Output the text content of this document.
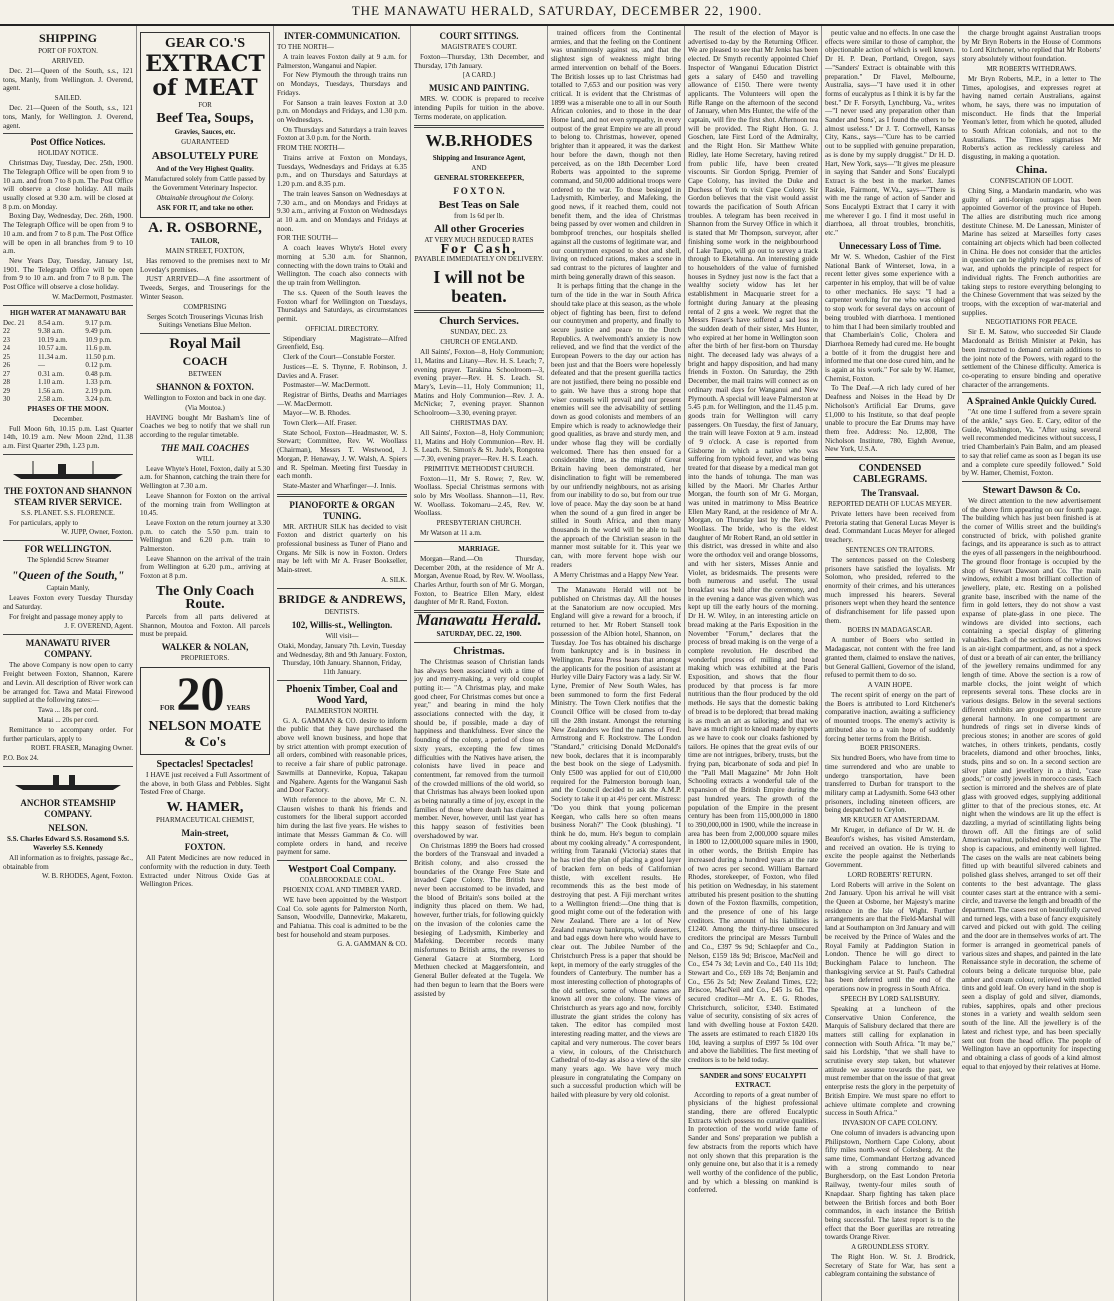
THE MANAWATU HERALD, SATURDAY, DECEMBER 22, 1900.
SHIPPING
PORT OF FOXTON.
ARRIVED.

Dec. 21—Queen of the South, s.s., 121 tons, Manly, from Wellington. J. Overend, agent.

SAILED.

Dec. 21—Queen of the South, s.s., 121 tons, Manly, for Wellington. J. Overend, agent.

Post Office Notices.
HOLIDAY NOTICE.

Christmas Day, Tuesday, Dec. 25th, 1900. The Telegraph Office will be open from 9 to 10 a.m. and from 7 to 8 p.m. The Post Office will observe a close holiday. All mails usually closed at 9.30 a.m. will be closed at 8 p.m. on Monday.

Boxing Day, Wednesday, Dec. 26th, 1900. The Telegraph Office will be open from 9 to 10 a.m. and from 7 to 8 p.m. The Post Office will be open in all branches from 9 to 10 a.m.

New Years Day, Tuesday, January 1st, 1901. The Telegraph Office will be open from 9 to 10 a.m. and from 7 to 8 p.m. The Post Office will observe a close holiday.

W. MacDermott, Postmaster.
HIGH WATER AT MANAWATU BAR
Dec. 21	8.54 a.m.	9.17 p.m.
22	9.38 a.m.	9.49 p.m.
23	10.19 a.m.	10.9 p.m.
24	10.57 a.m.	11.6 p.m.
25	11.34 a.m.	11.50 p.m.
26	—	0.12 p.m.
27	0.31 a.m.	0.48 p.m.
28	1.10 a.m.	1.33 p.m.
29	1.56 a.m.	2.19 p.m.
30	2.58 a.m.	3.24 p.m.
PHASES OF THE MOON.
December.

Full Moon 6th, 10.15 p.m. Last Quarter 14th, 10.19 a.m. New Moon 22nd, 11.38 a.m. First Quarter 29th, 1.23 p.m.

THE FOXTON AND SHANNON STEAM RIVER SERVICE.
S.S. PLANET. S.S. FLORENCE.

For particulars, apply to

W. JUPP, Owner, Foxton.
FOR WELLINGTON.
The Splendid Screw Steamer
"Queen of the South,"
Captain Manly,

Leaves Foxton every Tuesday Thursday and Saturday.

For freight and passage money apply to

J. F. OVEREND, Agent.
MANAWATU RIVER COMPANY.

The above Company is now open to carry Freight between Foxton, Shannon, Karere and Levin. All description of River work can be arranged for. Tawa and Matai Firewood supplied at the following rates:—

Tawa ... 18s per cord.
Matai ... 20s per cord.

Remittance to accompany order. For further particulars, apply to

ROBT. FRASER, Managing Owner.
P.O. Box 24.
ANCHOR STEAMSHIP COMPANY.
NELSON.
S.S. Charles Edward S.S. Rosamond S.S. Waverley S.S. Kennedy

All information as to freights, passage &c., obtainable from

W. B. RHODES, Agent, Foxton.
GEAR CO.'S
EXTRACT of MEAT
FOR
Beef Tea, Soups,
Gravies, Sauces, etc.
GUARANTEED
ABSOLUTELY PURE
And of the Very Highest Quality.
Manufactured solely from Cattle passed by the Government Veterinary Inspector.
Obtainable throughout the Colony.
ASK FOR IT, and take no other.
A. R. OSBORNE,
TAILOR,
MAIN STREET, FOXTON,

Has removed to the premises next to Mr Loveday's premises.

JUST ARRIVED—A fine assortment of Tweeds, Serges, and Trouserings for the Winter Season.

COMPRISING

Serges Scotch Trouserings Vicunas Irish Suitings Venetians Blue Melton.

Royal Mail
COACH
BETWEEN
SHANNON & FOXTON.

Wellington to Foxton and back in one day.

(Via Moutoa.)

HAVING bought Mr Basham's line of Coaches we beg to notify that we shall run according to the regular timetable.

THE MAIL COACHES
WILL

Leave Whyte's Hotel, Foxton, daily at 5.30 a.m. for Shannon, catching the train there for Wellington at 7.30 a.m.

Leave Shannon for Foxton on the arrival of the morning train from Wellington at 10.45.

Leave Foxton on the return journey at 3.30 p.m. to catch the 5.50 p.m. train to Wellington and 6.20 p.m. train to Palmerston.

Leave Shannon on the arrival of the train from Wellington at 6.20 p.m., arriving at Foxton at 8 p.m.

The Only Coach Route.

Parcels from all parts delivered at Shannon, Moutoa and Foxton. All parcels must be prepaid.

WALKER & NOLAN,
PROPRIETORS.
FOR 20 YEARS
NELSON MOATE & Co's
Spectacles! Spectacles!

I HAVE just received a Full Assortment of the above, in both Glass and Pebbles. Sight Tested Free of Charge.

W. HAMER,
PHARMACEUTICAL CHEMIST,
Main-street,
FOXTON.

All Patent Medicines are now reduced in conformity with the reduction in duty. Teeth Extracted under Nitrous Oxide Gas at Wellington Prices.

INTER-COMMUNICATION.
TO THE NORTH—

A train leaves Foxton daily at 9 a.m. for Palmerston, Wanganui and Napier.

For New Plymouth the through trains run on Mondays, Tuesdays, Thursdays and Fridays.

For Sanson a train leaves Foxton at 3.0 p.m. on Mondays and Fridays, and 1.30 p.m. on Wednesdays.

On Thursdays and Saturdays a train leaves Foxton at 3.0 p.m. for the North.

FROM THE NORTH—

Trains arrive at Foxton on Mondays, Tuesdays, Wednesdays and Fridays at 6.35 p.m., and on Thursdays and Saturdays at 1.20 p.m. and 8.35 p.m.

The train leaves Sanson on Wednesdays at 7.30 a.m., and on Mondays and Fridays at 9.30 a.m., arriving at Foxton on Wednesdays at 10 a.m. and on Mondays and Fridays at noon.

FOR THE SOUTH—

A coach leaves Whyte's Hotel every morning at 5.30 a.m. for Shannon, connecting with the down trains to Otaki and Wellington. The coach also connects with the up train from Wellington.

The s.s. Queen of the South leaves the Foxton wharf for Wellington on Tuesdays, Thursdays and Saturdays, as circumstances permit.

OFFICIAL DIRECTORY.

Stipendiary Magistrate—Alfred Greenfield, Esq.

Clerk of the Court—Constable Forster.

Justices—E. S. Thynne, F. Robinson, J. Davies and A. Fraser.

Postmaster—W. MacDermott.

Registrar of Births, Deaths and Marriages—W. MacDermott.

Mayor—W. B. Rhodes.

Town Clerk—Alf. Fraser.

State School, Foxton—Headmaster, W. S. Stewart; Committee, Rev. W. Woollass (Chairman), Messrs T. Westwood, J. Morgan, P. Henaway, J. W. Walsh, A. Spiers and R. Spelman. Meeting first Tuesday in each month.

State-Master and Wharfinger—J. Innis.

PIANOFORTE & ORGAN TUNING.

MR. ARTHUR SILK has decided to visit Foxton and district quarterly on his professional business as Tuner of Piano and Organs. Mr Silk is now in Foxton. Orders may be left with Mr A. Fraser Bookseller, Main-street.

A. SILK.
BRIDGE & ANDREWS,
DENTISTS.
102, Willis-st., Wellington.
Will visit—

Otaki, Monday, January 7th. Levin, Tuesday and Wednesday, 8th and 9th January. Foxton, Thursday, 10th January. Shannon, Friday, 11th January.

Phoenix Timber, Coal and Wood Yard,
PALMERSTON NORTH.

G. A. GAMMAN & CO. desire to inform the public that they have purchased the above well known business, and hope that by strict attention with prompt execution of all orders, combined with reasonable prices, to receive a fair share of public patronage. Sawmills at Dannevirke, Kopua, Takapau and Ngahere. Agents for the Wanganui Sash and Door Factory.

With reference to the above, Mr C. N. Clausen wishes to thank his friends and customers for the liberal support accorded him during the last five years. He wishes to intimate that Messrs Gamman & Co. will complete orders in hand, and receive payment for same.

Westport Coal Company.
COALBROOKDALE COAL.
PHOENIX COAL AND TIMBER YARD.

WE have been appointed by the Westport Coal Co. sole agents for Palmerston North, Sanson, Woodville, Dannevirke, Makaretu, and Pahiatua. This coal is admitted to be the best for household and steam purposes.

G. A. GAMMAN & CO.
COURT SITTINGS.
MAGISTRATE'S COURT.

Foxton—Thursday, 13th December, and Thursday, 17th January.

[A CARD.]
MUSIC AND PAINTING.

MRS. W. COOK is prepared to receive intending Pupils for tuition in the above. Terms moderate, on application.

W.B.RHODES
Shipping and Insurance Agent,
AND
GENERAL STOREKEEPER,
F O X T O N.
Best Teas on Sale
from 1s 6d per lb.
All other Groceries
AT VERY MUCH REDUCED RATES
For Cash,
PAYABLE IMMEDIATELY ON DELIVERY.
I will not be beaten.
Church Services.
SUNDAY, DEC. 23.
CHURCH OF ENGLAND.

All Saints', Foxton—8, Holy Communion; 11, Matins and Litany—Rev. H. S. Leach; 7, evening prayer. Tarakina Schoolroom—3, evening prayer—Rev. H. S. Leach. St. Mary's, Levin—11, Holy Communion; 11, Matins and Holy Communion—Rev. J. A. McNicke; 7, evening prayer. Shannon Schoolroom—3.30, evening prayer.

CHRISTMAS DAY.

All Saints', Foxton—8, Holy Communion; 11, Matins and Holy Communion—Rev. H. S. Leach. St. Simon's & St. Jude's, Rongotea—7.30, evening prayer—Rev. H. S. Leach.

PRIMITIVE METHODIST CHURCH.

Foxton—11, Mr S. Rowe; 7, Rev. W. Woollass. Special Christmas sermons with solo by Mrs Woollass. Shannon—11, Rev. W. Woollass. Tokomaru—2.45, Rev. W. Woollass.

PRESBYTERIAN CHURCH.

Mr Watson at 11 a.m.

MARRIAGE.

Morgan—Rand.—On Thursday, December 20th, at the residence of Mr A. Morgan, Avenue Road, by Rev. W. Woollass, Charles Arthur, fourth son of Mr G. Morgan, Foxton, to Beatrice Ellen Mary, eldest daughter of Mr R. Rand, Foxton.

Manawatu Herald.
SATURDAY, DEC. 22, 1900.
Christmas.

The Christmas season of Christian lands has always been associated with a time of joy and merry-making, a very old couplet putting it:— "A Christmas play, and make good cheer, For Christmas comes but once a year," and bearing in mind the holy associations connected with the day, it should be, if possible, made a day of happiness and thankfulness. Ever since the founding of the colony, a period of close on sixty years, excepting the few times difficulties with the Natives have arisen, the colonists have lived in peace and contentment, far removed from the turmoil of the crowded millions of the old world, so that Christmas has always been looked upon as being naturally a time of joy, except in the families of those where death has claimed a member. Never, however, until last year has this happy season of festivities been overshadowed by war.

On Christmas 1899 the Boers had crossed the borders of the Transvaal and invaded a British colony, and also crossed the boundaries of the Orange Free State and invaded Cape Colony. The British have never been accustomed to be invaded, and the blood of Britain's sons boiled at the indignity thus placed on them. We had, however, further trials, for following quickly on the invasion of the colonies came the besieging of Ladysmith, Kimberley and Mafeking. December records many misfortunes to British arms, the reverses to General Gatacre at Stormberg, Lord Methuen checked at Maggersfontein, and General Buller defeated at the Tugela. We had then begun to learn that the Boers were assisted by

trained officers from the Continental armies, and that the feeling on the Continent was unanimously against us, and that the slightest sign of weakness might bring armed intervention on behalf of the Boers. The British losses up to last Christmas had totalled to 7,653 and our position was very critical. It is evident that the Christmas of 1899 was a miserable one to all in our South African colonies, and to those in the dear Home land, and not even sympathy, in every outpost of the great Empire we are all proud to belong to. Christmas, however, opened brighter than it appeared, it was the darkest hour before the dawn, though not then perceived, as on the 18th December Lord Roberts was appointed to the supreme command, and 50,000 additional troops were ordered to the war. To those besieged in Ladysmith, Kimberley, and Mafeking, the good news, if it reached them, could not benefit them, and the idea of Christmas being passed by over women and children in bombproof trenches, our hospitals shelled against all the customs of legitimate war, and our countrymen exposed to shot and shell, living on reduced rations, makes a scene in sad contrast to the pictures of laughter and mirth being generally drawn of this season.

It is perhaps fitting that the change in the turn of the tide in the war in South Africa should take place at this season, as the whole object of fighting has been, first to defend our countrymen and property, and finally to secure justice and peace to the Dutch Republics. A twelvemonth's anxiety is now relieved, and we find that the verdict of the European Powers to the day our action has been just and that the Boers were hopelessly defeated and that the present guerilla tactics are not justified, there being no possible end to gain. We have thus a strong hope that wiser counsels will prevail and our present enemies will see the advisability of settling down as good colonists and members of an Empire which is ready to acknowledge their good qualities, as brave and sturdy men, and under whose flag they will be cordially welcomed. There has then ensued for a considerable time, as the might of Great Britain having been demonstrated, her disinclination to fight will be remembered by our unfriendly neighbours, not as arising from our inability to do so, but from our true love of peace. May the day soon be at hand when the sound of a gun fired in anger be stilled in South Africa, and then many thousands in the world will be able to hail the approach of the Christian season in the manner most suitable for it. This year we can, with more fervent hope wish our readers

A Merry Christmas and a Happy New Year.

The Manawatu Herald will not be published on Christmas day. All the houses at the Sanatorium are now occupied. Mrs England will give a reward for a brooch, if returned to her. Mr Robert Stansell took possession of the Albion hotel, Shannon, on Tuesday. Joe Tos has obtained his discharge from bankruptcy and is in business in Wellington. Patea Press hears that amongst the applicants for the position of assistant at Hurley ville Dairy Factory was a lady. Sir W. Lyne, Premier of New South Wales, has been summoned to form the first Federal Ministry. The Town Clerk notifies that the Council Office will be closed from to-day till the 28th instant. Amongst the returning New Zealanders we find the names of Fred. Armstrong and F. Rockstrow. The London "Standard," criticising Donald McDonald's new book, declares that it is incomparably the best book on the siege of Ladysmith. Only £500 was applied for out of £10,000 required for the Palmerston borough loan, and the Council decided to ask the A.M.P. Society to take it up at 4½ per cent. Mistress: "Do you think that young policeman Keegan, who calls here so often means business Norah?" The Cook (blushing). "I think he do, mum. He's begun to complain about my cooking already." A correspondent, writing from Taranaki (Victoria) states that he has tried the plan of placing a good layer of bracken fern on beds of Californian thistle, with excellent results. He recommends this as the best mode of destroying that pest. A Fiji merchant writes to a Wellington friend:—One thing that is good might come out of the federation with New Zealand. There are a lot of New Zealand runaway bankrupts, wife deserters, and bad eggs down here who would have to clear out. The Jubilee Number of the Christchurch Press is a paper that should be kept, in memory of the early struggles of the founders of Canterbury. The number has a most interesting collection of photographs of the old settlers, some of whose names are known all over the colony. The views of Christchurch as years ago and now, forcibly illustrate the giant strides the colony has taken. The editor has compiled most interesting reading matter, and the views are capital and very numerous. The cover bears a view, in colours, of the Christchurch Cathedral of to-day as also a view of the site many years ago. We have very much pleasure in congratulating the Company on such a successful production which will be hailed with pleasure by very old colonist.

The result of the election of Mayor is advertised to-day by the Returning Officer. We are pleased to see that Mr Jenks has been elected. Dr Smyth recently appointed Chief Inspector of Wanganui Education District gets a salary of £450 and travelling allowance of £150. There were twenty applicants. The Volunteers will open the Rifle Range on the afternoon of the second of January, when Mrs Hunter, the wife of the captain, will fire the first shot. Afternoon tea will be provided. The Right Hon. G. J. Goschen, late First Lord of the Admiralty, and the Right Hon. Sir Matthew White Ridley, late Home Secretary, having retired from public life, have been created viscounts. Sir Gordon Sprigg, Premier of Cape Colony, has invited the Duke and Duchess of York to visit Cape Colony. Sir Gordon believes that the visit would assist towards the pacification of South African troubles. A telegram has been received in Shannon from the Survey Office in which it is stated that Mr Thompson, surveyor, after finishing some work in the neighbourhood of Lake Taupo, will go out to survey a track through to Eketahuna. An interesting guide to householders of the value of furnished houses in Sydney just now is the fact that a wealthy society widow has let her establishment in Macquarie street for a fortnight during January at the pleasing rental of 2 gns a week. We regret that the Messrs Fraser's have suffered a sad loss in the sudden death of their sister, Mrs Hunter, who expired at her home in Wellington soon after the birth of her first-born on Thursday night. The deceased lady was always of a bright and happy disposition, and had many friends in Foxton. On Saturday, the 29th December, the mail trains will connect as on ordinary mail days for Wanganui and New Plymouth. A special will leave Palmerston at 5.45 p.m. for Wellington, and the 11.45 p.m. goods train for Wellington will carry passengers. On Tuesday, the first of January, the train will leave Foxton at 9 a.m. instead of 9 o'clock. A case is reported from Gisborne in which a native who was suffering from typhoid fever, and was being treated for that disease by a medical man got into the hands of tohunga. The man was killed by the Maori. Mr Charles Arthur Morgan, the fourth son of Mr G. Morgan, was united in matrimony to Miss Beatrice Ellen Mary Rand, at the residence of Mr A. Morgan, on Thursday last by the Rev. W. Woollass. The bride, who is the eldest daughter of Mr Robert Rand, an old settler in this district, was dressed in white and also wore the orthodox veil and orange blossoms, and with her sisters, Misses Annie and Violet, as bridesmaids. The presents were both numerous and useful. The usual breakfast was held after the ceremony, and in the evening a dance was given which was kept up till the early hours of the morning. Dr H. W. Wiley, in an interesting article on bread making at the Paris Exposition in the November "Forum," declares that the process of bread making is on the verge of a complete revolution. He described the wonderful process of milling and bread making which was exhibited at the Paris Exposition, and shows that the flour produced by that process is far more nutritious than the flour produced by the old methods. He says that the domestic baking of bread is to be deplored; that bread making is as much an art as tailoring; and that we have as much right to knead made by experts as we have to cook our cloaks fashioned by tailors. He opines that the great evils of our time are not intrigues, bribery, trusts, but the frying pan, bicarbonate of soda and pie! In the "Pall Mall Magazine" Mr John Holt Schooling extracts a wonderful tale of the expansion of the British Empire during the past hundred years. The growth of the population of the Empire in the present century has been from 115,000,000 in 1800 to 390,000,000 in 1900, while the increase in area has been from 2,000,000 square miles in 1800 to 12,000,000 square miles in 1900, in other words, the British Empire has increased during a hundred years at the rate of two acres per second. William Barnard Rhodes, storekeeper, of Foxton, who filed his petition on Wednesday, in his statement attributed his present position to the shutting down of the Foxton flaxmills, competition, and the presence of one of his large creditors. The amount of his liabilities is £1240. Among the thirty-three unsecured creditors the principal are Messrs Turnbull and Co., £397 9s 9d; Schlaepfer and Co., Nelson, £159 18s 9d; Briscoe, MacNeil and Co., £54 7s 3d; Levin and Co., £40 11s 10d; Stewart and Co., £69 18s 7d; Benjamin and Co., £56 2s 5d; New Zealand Times, £22; Briscoe, MacNeil and Co., £45 1s 6d. The secured creditor—Mr A. E. G. Rhodes, Christchurch, solicitor, £340. Estimated value of security, consisting of six acres of land with dwelling house at Foxton £420. The assets are estimated to reach £1820 10s 10d, leaving a surplus of £997 5s 10d over and above the liabilities. The first meeting of creditors is to be held today.

SANDER and SONS' EUCALYPTI EXTRACT.

According to reports of a great number of physicians of the highest professional standing, there are offered Eucalyptic Extracts which possess no curative qualities. In protection of the world wide fame of Sander and Sons' preparation we publish a few abstracts from the reports which have not only shown that this preparation is the only genuine one, but also that it is a remedy well worthy of the confidence of the public, and by which a blessing on mankind is conferred.

peutic value and no effects. In one case the effects were similar to those of camphor, the objectionable action of which is well known. Dr H. P. Dean, Portland, Oregon, says—"Sanders' Extract is obtainable with this preparation." Dr Flavel, Melbourne, Australia, says—"I have used it in other forms of eucalyptus as I think it is by far the best." Dr F. Forsyth, Lynchburg, Va., writes—"I never used any preparation other than Sander and Sons', as I found the others to be almost useless." Dr J. T. Cornwell, Kansas City, Kans., says—"Cure has to be carried out to be supplied with genuine preparation, as is done by my supply druggist." Dr H. D. Hart, New York, says—"It gives me pleasure in saying that Sander and Sons' Eucalypti Extract is the best in the market. James Raskie, Fairmont, W.Va., says—"There is with me the range of action of Sander and Sons Eucalypti Extract that I carry it with me wherever I go. I find it most useful in diarrhoea, all throat troubles, bronchitis, etc."

Unnecessary Loss of Time.

Mr W. S. Whedon, Cashier of the First National Bank of Winterset, Iowa, in a recent letter gives some experience with a carpenter in his employ, that will be of value to other mechanics. He says: "I had a carpenter working for me who was obliged to stop work for several days on account of being troubled with diarrhoea. I mentioned to him that I had been similarly troubled and that Chamberlain's Colic, Cholera and Diarrhoea Remedy had cured me. He bought a bottle of it from the druggist here and informed me that one dose cured him, and he is again at his work." For sale by W. Hamer, Chemist, Foxton.

To The Deaf.—A rich lady cured of her Deafness and Noises in the Head by Dr Nicholson's Artificial Ear Drums, gave £1,000 to his Institute, so that deaf people unable to procure the Ear Drums may have them free. Address: No. 12,808, The Nicholson Institute, 780, Eighth Avenue, New York, U.S.A.

CONDENSED CABLEGRAMS.
The Transvaal.
REPORTED DEATH OF LUCAS MEYER.

Private letters have been received from Pretoria stating that General Lucas Meyer is dead. Commandant Lucas Meyer for alleged treachery.

SENTENCES ON TRAITORS.

The sentences passed on the Colesberg prisoners have satisfied the loyalists. Mr Solomon, who presided, referred to the enormity of their crimes, and his utterances much impressed his hearers. Several prisoners wept when they heard the sentence of disfranchisement for life passed upon them.

BOERS IN MADAGASCAR.

A number of Boers who settled in Madagascar, not content with the free land granted them, claimed to enslave the natives, but General Gallieni, Governor of the island, refused to permit them to do so.

A VAIN HOPE.

The recent spirit of energy on the part of the Boers is attributed to Lord Kitchener's comparative inaction, awaiting a sufficiency of mounted troops. The enemy's activity is attributed also to a vain hope of suddenly forcing better terms from the British.

BOER PRISONERS.

Six hundred Boers, who have from time to time surrendered and who are unable to undergo transportation, have been transferred to Durban for transport to the military camp at Ladysmith. Some 643 other prisoners, including nineteen officers, are being despatched to Ceylon.

MR KRUGER AT AMSTERDAM.

Mr Kruger, in defiance of Dr W. H. de Beaufort's wishes, has visited Amsterdam, and received an ovation. He is trying to excite the people against the Netherlands Government.

LORD ROBERTS' RETURN.

Lord Roberts will arrive in the Solent on 2nd January. Upon his arrival he will visit the Queen at Osborne, her Majesty's marine residence in the Isle of Wight. Further arrangements are that the Field-Marshal will land at Southampton on 3rd January and will be received by the Prince of Wales and the Royal Family at Paddington Station in London. Thence he will go direct to Buckingham Palace to luncheon. The thanksgiving service at St. Paul's Cathedral has been deferred until the end of the operations now in progress in South Africa.

SPEECH BY LORD SALISBURY.

Speaking at a luncheon of the Conservative Union Conference, the Marquis of Salisbury declared that there are matters still calling for explanation in connection with South Africa. "It may be," said his Lordship, "that we shall have to scrutinise every step taken, but whatever attitude we assume towards the past, we must remember that on the issue of that great enterprise rests the glory in the perpetuity of British Empire. We must spare no effort to achieve ultimate complete and crowning success in South Africa."

INVASION OF CAPE COLONY.

One column of invaders is advancing upon Philipstown, Northern Cape Colony, about fifty miles north-west of Colesberg. At the same time, Commandant Hertzog advanced with a strong commando to near Burghersdorp, on the East London Pretoria Railway, twenty-four miles south of Knapdaar. Sharp fighting has taken place between the British forces and both Boer commandos, in each instance the British being successful. The latest report is to the effect that the Boer guerillas are retreating towards Orange River.

A GROUNDLESS STORY.

The Right Hon. W. St. J. Brodrick, Secretary of State for War, has sent a cablegram containing the substance of

the charge brought against Australian troops by Mr Bryn Roberts in the House of Commons to Lord Kitchener, who replied that Mr Roberts' story absolutely without foundation.

MR ROBERTS WITHDRAWS.

Mr Bryn Roberts, M.P., in a letter to The Times, apologises, and expresses regret at having named certain Australians, against whom, he says, there was no imputation of misconduct. He finds that the Imperial Yeoman's letter, from which he quoted, alluded to South African colonials, and not to the Australians. The Times stigmatises Mr Roberts's action as recklessly careless and disgusting, in making a quotation.

China.
CONFISCATION OF LOOT.

Ching Sing, a Mandarin mandarin, who was guilty of anti-foreign outrages has been appointed Governor of the province of Hupeh. The allies are distributing much rice among destitute Chinese. M. De Lanessan, Minister of Marine has seized at Marseilles forty cases containing art objects which had been collected in China. He does not consider that the articles in question can be rightly regarded as prizes of war, and upholds the principle of respect for individual rights. The French authorities are taking steps to restore everything belonging to the Chinese Government that was seized by the troops, with the exception of war-material and supplies.

NEGOTIATIONS FOR PEACE.

Sir E. M. Satow, who succeeded Sir Claude Macdonald as British Minister at Pekin, has been instructed to demand certain additions to the joint note of the Powers, with regard to the settlement of the Chinese difficulty. America is co-operating to ensure binding and operative character of the arrangements.

A Sprained Ankle Quickly Cured.

"At one time I suffered from a severe sprain of the ankle," says Geo. E. Cary, editor of the Guide, Washington, Va. "After using several well recommended medicines without success, I tried Chamberlain's Pain Balm, and am pleased to say that relief came as soon as I began its use and a complete cure speedily followed." Sold by W. Hamer, Chemist, Foxton.

Stewart Dawson & Co.

We direct attention to the new advertisement of the above firm appearing on our fourth page. The building which has just been finished is at the corner of Willis street and the building's constructed of brick, with polished granite facings, and its appearance is such as to attract the eyes of all passengers in the neighbourhood. The ground floor frontage is occupied by the shop of Stewart Dawson and Co. The main windows, exhibit a most brilliant collection of jewellery, plate, etc. Resting on a polished granite base, inscribed with the name of the firm in gold letters, they do not show a vast expanse of plate-glass in one piece. The windows are divided into sections, each containing a special display of glittering valuables. Each of the sections of the windows is an air-tight compartment, and, as not a speck of dust or a breath of air can enter, the brilliancy of the jewellery remains undimmed for any length of time. Above the section is a row of marble clocks, the joint weight of which represents several tons. These clocks are in various designs. Below in the several sections different exhibits are grouped so as to secure general harmony. In one compartment are hundreds of rings set in diverse kinds of precious stones; in another are scores of gold watches, in others trinkets, pendants, costly bracelets, diamond and other brooches, links, studs, pins and so on. In a second section are silver plate and jewellery in a third, "case goods," or costly jewels in morocco cases. Each section is mirrored and the shelves are of plate glass with grooved edges, supplying additional glitter to that of the precious stones, etc. At night when the windows are lit up the effect is dazzling, a myriad of scintillating lights being thrown off. All the fittings are of solid American walnut, polished ebony in colour. The shop is capacious, and eminently well lighted. The cases on the walls are neat cabinets being fitted up with beautiful silvered cabinets and polished glass shelves, arranged to set off their contents to the best advantage. The glass counter cases start at the entrance with a semi-circle, and traverse the length and breadth of the department. The cases rest on beautifully carved and turned legs, with a base of fancy exquisitely carved and picked out with gold. The ceiling and the door are in themselves works of art. The former is arranged in geometrical panels of various sizes and shapes, and painted in the late Renaissance style in decoration, the scheme of colours being a delicate turquoise blue, pale amber and cream colour, relieved with mottled tints and gold leaf. On every hand in the shop is seen a display of gold and silver, diamonds, rubies, sapphires, opals and other precious stones in a variety and wealth seldom seen south of the line. All the jewellery is of the latest and richest type, and has been specially sent out from the head office. The people of Wellington have an opportunity for inspecting and obtaining a class of goods of a kind almost equal to that enjoyed by their relatives at Home.
